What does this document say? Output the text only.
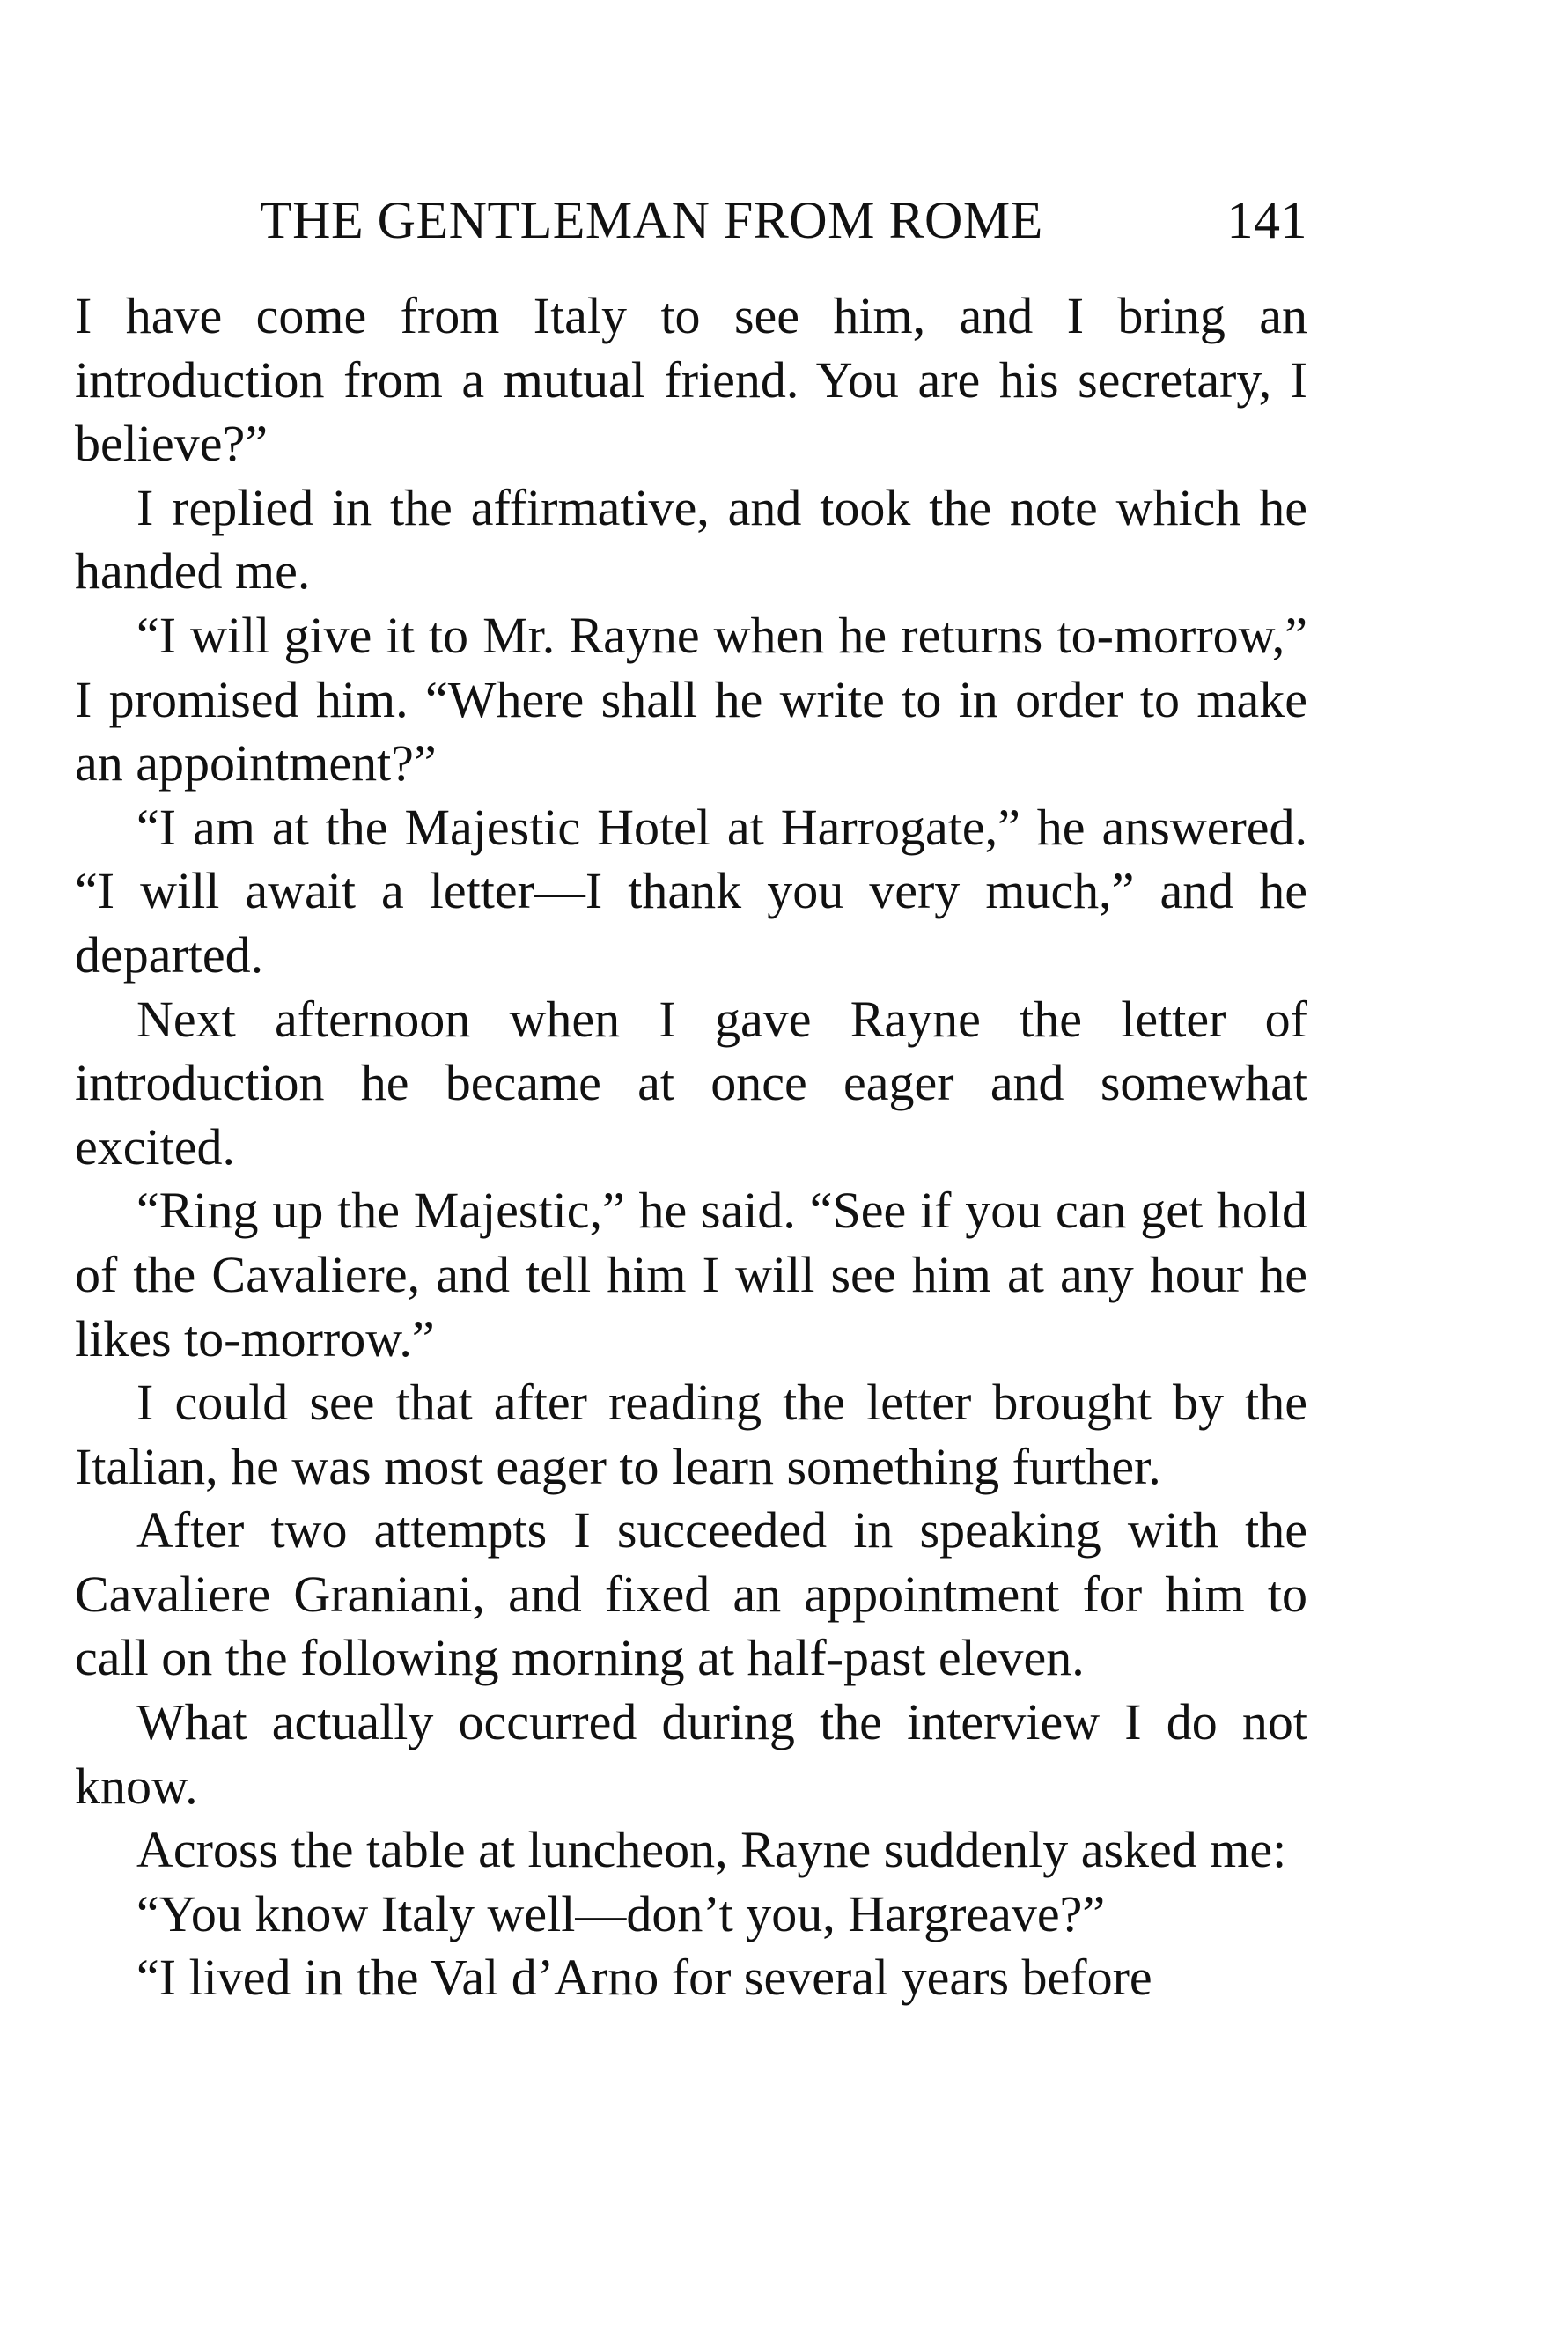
THE GENTLEMAN FROM ROME	141

I have come from Italy to see him, and I bring an introduction from a mutual friend. You are his secretary, I believe?”

I replied in the affirmative, and took the note which he handed me.

“I will give it to Mr. Rayne when he returns to-morrow,” I promised him. “Where shall he write to in order to make an appointment?”

“I am at the Majestic Hotel at Harrogate,” he answered. “I will await a letter—I thank you very much,” and he departed.

Next afternoon when I gave Rayne the letter of introduction he became at once eager and somewhat excited.

“Ring up the Majestic,” he said. “See if you can get hold of the Cavaliere, and tell him I will see him at any hour he likes to-morrow.”

I could see that after reading the letter brought by the Italian, he was most eager to learn something further.

After two attempts I succeeded in speaking with the Cavaliere Graniani, and fixed an appointment for him to call on the following morning at half-past eleven.

What actually occurred during the interview I do not know.

Across the table at luncheon, Rayne suddenly asked me:

“You know Italy well—don’t you, Hargreave?”

“I lived in the Val d’Arno for several years before
